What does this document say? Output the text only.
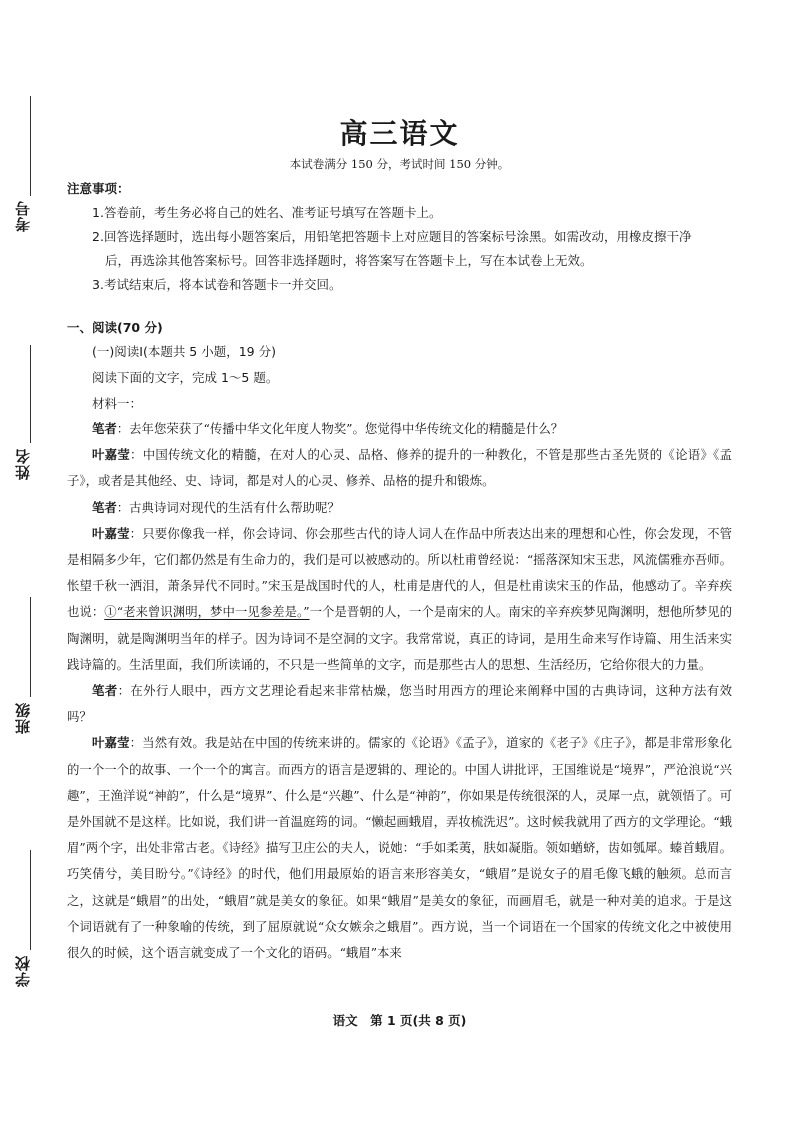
考号
姓名
班级
学校
高三语文
本试卷满分 150 分，考试时间 150 分钟。
注意事项：
1.答卷前，考生务必将自己的姓名、准考证号填写在答题卡上。
2.回答选择题时，选出每小题答案后，用铅笔把答题卡上对应题目的答案标号涂黑。如需改动，用橡皮擦干净
后，再选涂其他答案标号。回答非选择题时，将答案写在答题卡上，写在本试卷上无效。
3.考试结束后，将本试卷和答题卡一并交回。
一、阅读(70 分)
(一)阅读Ⅰ(本题共 5 小题，19 分)
阅读下面的文字，完成 1～5 题。
材料一：

笔者：去年您荣获了“传播中华文化年度人物奖”。您觉得中华传统文化的精髓是什么？

叶嘉莹：中国传统文化的精髓，在对人的心灵、品格、修养的提升的一种教化，不管是那些古圣先贤的《论语》《孟子》，或者是其他经、史、诗词，都是对人的心灵、修养、品格的提升和锻炼。

笔者：古典诗词对现代的生活有什么帮助呢？

叶嘉莹：只要你像我一样，你会诗词、你会那些古代的诗人词人在作品中所表达出来的理想和心性，你会发现，不管是相隔多少年，它们都仍然是有生命力的，我们是可以被感动的。所以杜甫曾经说：“摇落深知宋玉悲，风流儒雅亦吾师。怅望千秋一洒泪，萧条异代不同时。”宋玉是战国时代的人，杜甫是唐代的人，但是杜甫读宋玉的作品，他感动了。辛弃疾也说：①“老来曾识渊明，梦中一见参差是。”一个是晋朝的人，一个是南宋的人。南宋的辛弃疾梦见陶渊明，想他所梦见的陶渊明，就是陶渊明当年的样子。因为诗词不是空洞的文字。我常常说，真正的诗词，是用生命来写作诗篇、用生活来实践诗篇的。生活里面，我们所读诵的，不只是一些简单的文字，而是那些古人的思想、生活经历，它给你很大的力量。

笔者：在外行人眼中，西方文艺理论看起来非常枯燥，您当时用西方的理论来阐释中国的古典诗词，这种方法有效吗？

叶嘉莹：当然有效。我是站在中国的传统来讲的。儒家的《论语》《孟子》，道家的《老子》《庄子》，都是非常形象化的一个一个的故事、一个一个的寓言。而西方的语言是逻辑的、理论的。中国人讲批评，王国维说是“境界”，严沧浪说“兴趣”，王渔洋说“神韵”，什么是“境界”、什么是“兴趣”、什么是“神韵”，你如果是传统很深的人，灵犀一点，就领悟了。可是外国就不是这样。比如说，我们讲一首温庭筠的词。“懒起画蛾眉，弄妆梳洗迟”。这时候我就用了西方的文学理论。“蛾眉”两个字，出处非常古老。《诗经》描写卫庄公的夫人，说她：“手如柔荑，肤如凝脂。领如蝤蛴，齿如瓠犀。螓首蛾眉。巧笑倩兮，美目盼兮。”《诗经》的时代，他们用最原始的语言来形容美女，“蛾眉”是说女子的眉毛像飞蛾的触须。总而言之，这就是“蛾眉”的出处，“蛾眉”就是美女的象征。如果“蛾眉”是美女的象征，而画眉毛，就是一种对美的追求。于是这个词语就有了一种象喻的传统，到了屈原就说“众女嫉余之蛾眉”。西方说，当一个词语在一个国家的传统文化之中被使用很久的时候，这个语言就变成了一个文化的语码。“蛾眉”本来

语文　第 1 页(共 8 页)
